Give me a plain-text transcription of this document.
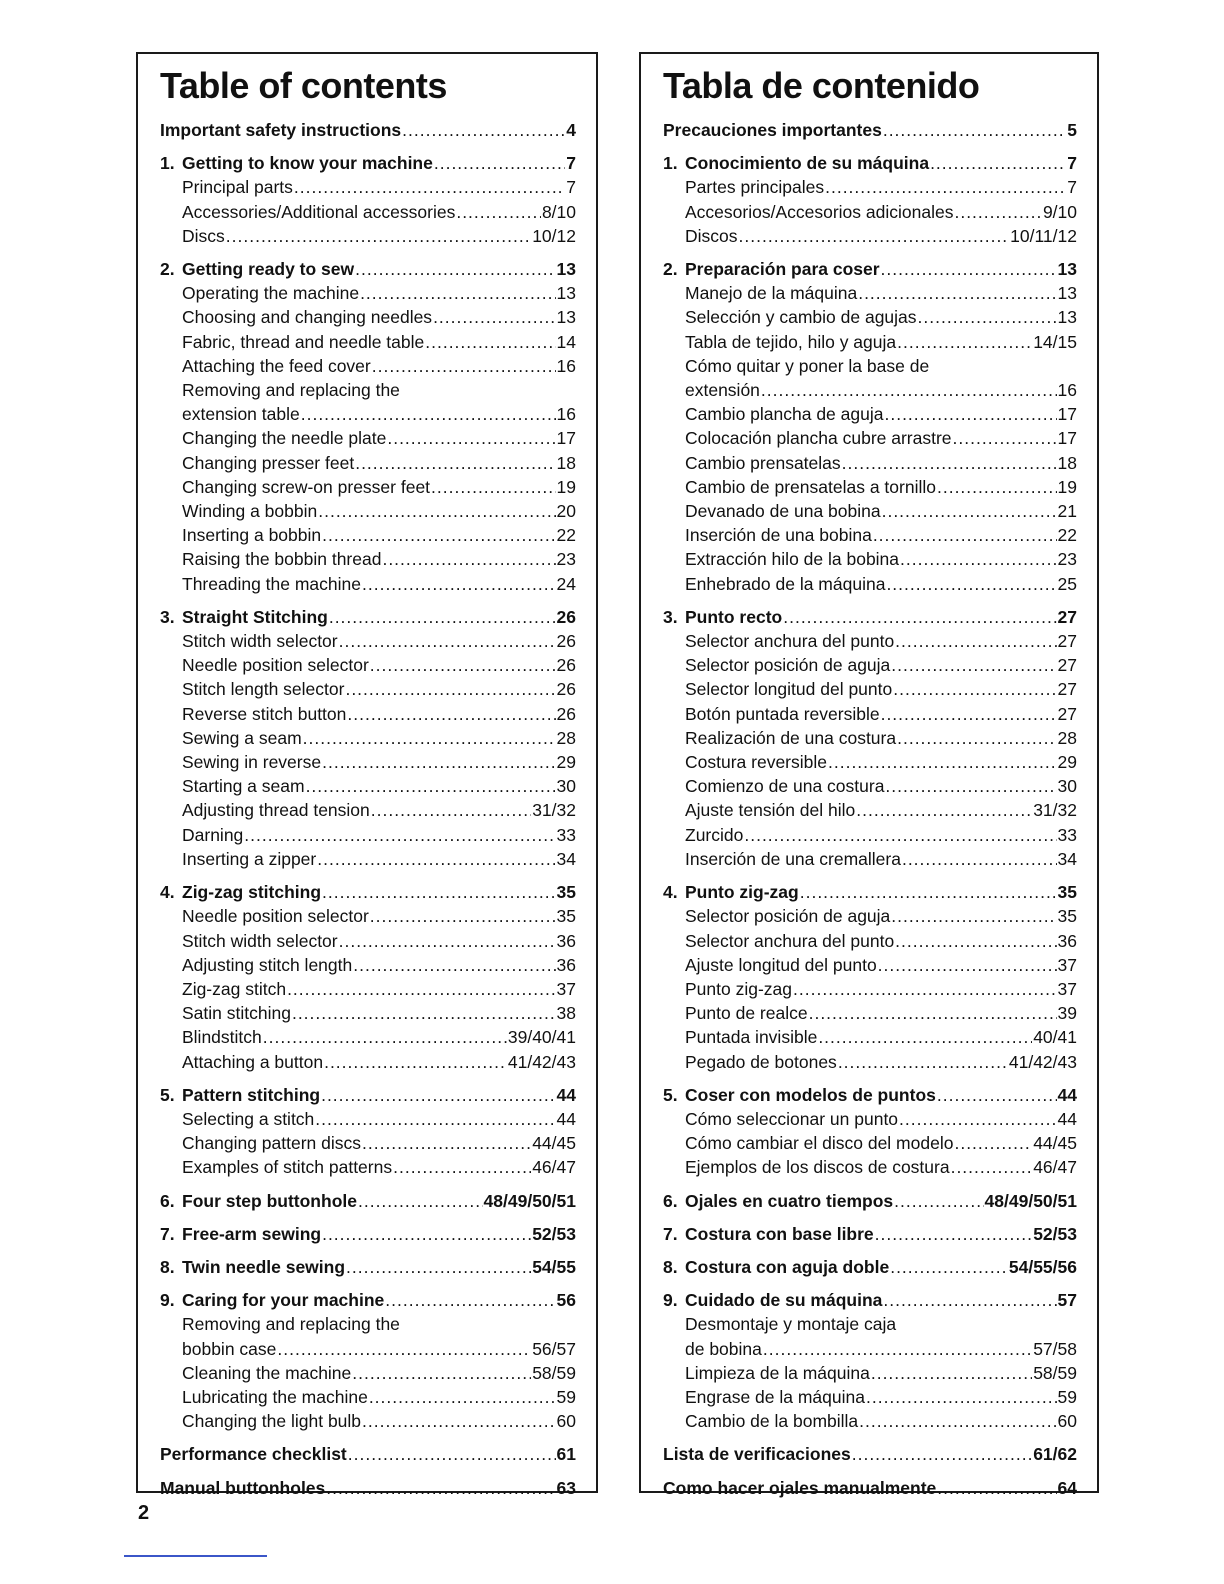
Table of contents
Important safety instructions .....	4
1. Getting to know your machine .....	7
Principal parts .....	7
Accessories/Additional accessories .....	8/10
Discs .....	10/12
2. Getting ready to sew .....	13
Operating the machine .....	13
Choosing and changing needles .....	13
Fabric, thread and needle table .....	14
Attaching the feed cover .....	16
Removing and replacing the
extension table .....	16
Changing the needle plate .....	17
Changing presser feet .....	18
Changing screw-on presser feet .....	19
Winding a bobbin .....	20
Inserting a bobbin .....	22
Raising the bobbin thread .....	23
Threading the machine .....	24
3. Straight Stitching .....	26
Stitch width selector .....	26
Needle position selector .....	26
Stitch length selector .....	26
Reverse stitch button .....	26
Sewing a seam .....	28
Sewing in reverse .....	29
Starting a seam .....	30
Adjusting thread tension .....	31/32
Darning .....	33
Inserting a zipper .....	34
4. Zig-zag stitching .....	35
Needle position selector .....	35
Stitch width selector .....	36
Adjusting stitch length .....	36
Zig-zag stitch .....	37
Satin stitching .....	38
Blindstitch .....	39/40/41
Attaching a button .....	41/42/43
5. Pattern stitching .....	44
Selecting a stitch .....	44
Changing pattern discs .....	44/45
Examples of stitch patterns .....	46/47
6. Four step buttonhole .....	48/49/50/51
7. Free-arm sewing .....	52/53
8. Twin needle sewing .....	54/55
9. Caring for your machine .....	56
Removing and replacing the
bobbin case .....	56/57
Cleaning the machine .....	58/59
Lubricating the machine .....	59
Changing the light bulb .....	60
Performance checklist .....	61
Manual buttonholes .....	63
Tabla de contenido
Precauciones importantes .....	5
1. Conocimiento de su máquina .....	7
Partes principales .....	7
Accesorios/Accesorios adicionales .....	9/10
Discos .....	10/11/12
2. Preparación para coser .....	13
Manejo de la máquina .....	13
Selección y cambio de agujas .....	13
Tabla de tejido, hilo y aguja .....	14/15
Cómo quitar y poner la base de
extensión .....	16
Cambio plancha de aguja .....	17
Colocación plancha cubre arrastre .....	17
Cambio prensatelas .....	18
Cambio de prensatelas a tornillo .....	19
Devanado de una bobina .....	21
Inserción de una bobina .....	22
Extracción hilo de la bobina .....	23
Enhebrado de la máquina .....	25
3. Punto recto .....	27
Selector anchura del punto .....	27
Selector posición de aguja .....	27
Selector longitud del punto .....	27
Botón puntada reversible .....	27
Realización de una costura .....	28
Costura reversible .....	29
Comienzo de una costura .....	30
Ajuste tensión del hilo .....	31/32
Zurcido .....	33
Inserción de una cremallera .....	34
4. Punto zig-zag .....	35
Selector posición de aguja .....	35
Selector anchura del punto .....	36
Ajuste longitud del punto .....	37
Punto zig-zag .....	37
Punto de realce .....	39
Puntada invisible .....	40/41
Pegado de botones .....	41/42/43
5. Coser con modelos de puntos .....	44
Cómo seleccionar un punto .....	44
Cómo cambiar el disco del modelo .....	44/45
Ejemplos de los discos de costura .....	46/47
6. Ojales en cuatro tiempos .....	48/49/50/51
7. Costura con base libre .....	52/53
8. Costura con aguja doble .....	54/55/56
9. Cuidado de su máquina .....	57
Desmontaje y montaje caja
de bobina .....	57/58
Limpieza de la máquina .....	58/59
Engrase de la máquina .....	59
Cambio de la bombilla .....	60
Lista de verificaciones .....	61/62
Como hacer ojales manualmente .....	64
2
